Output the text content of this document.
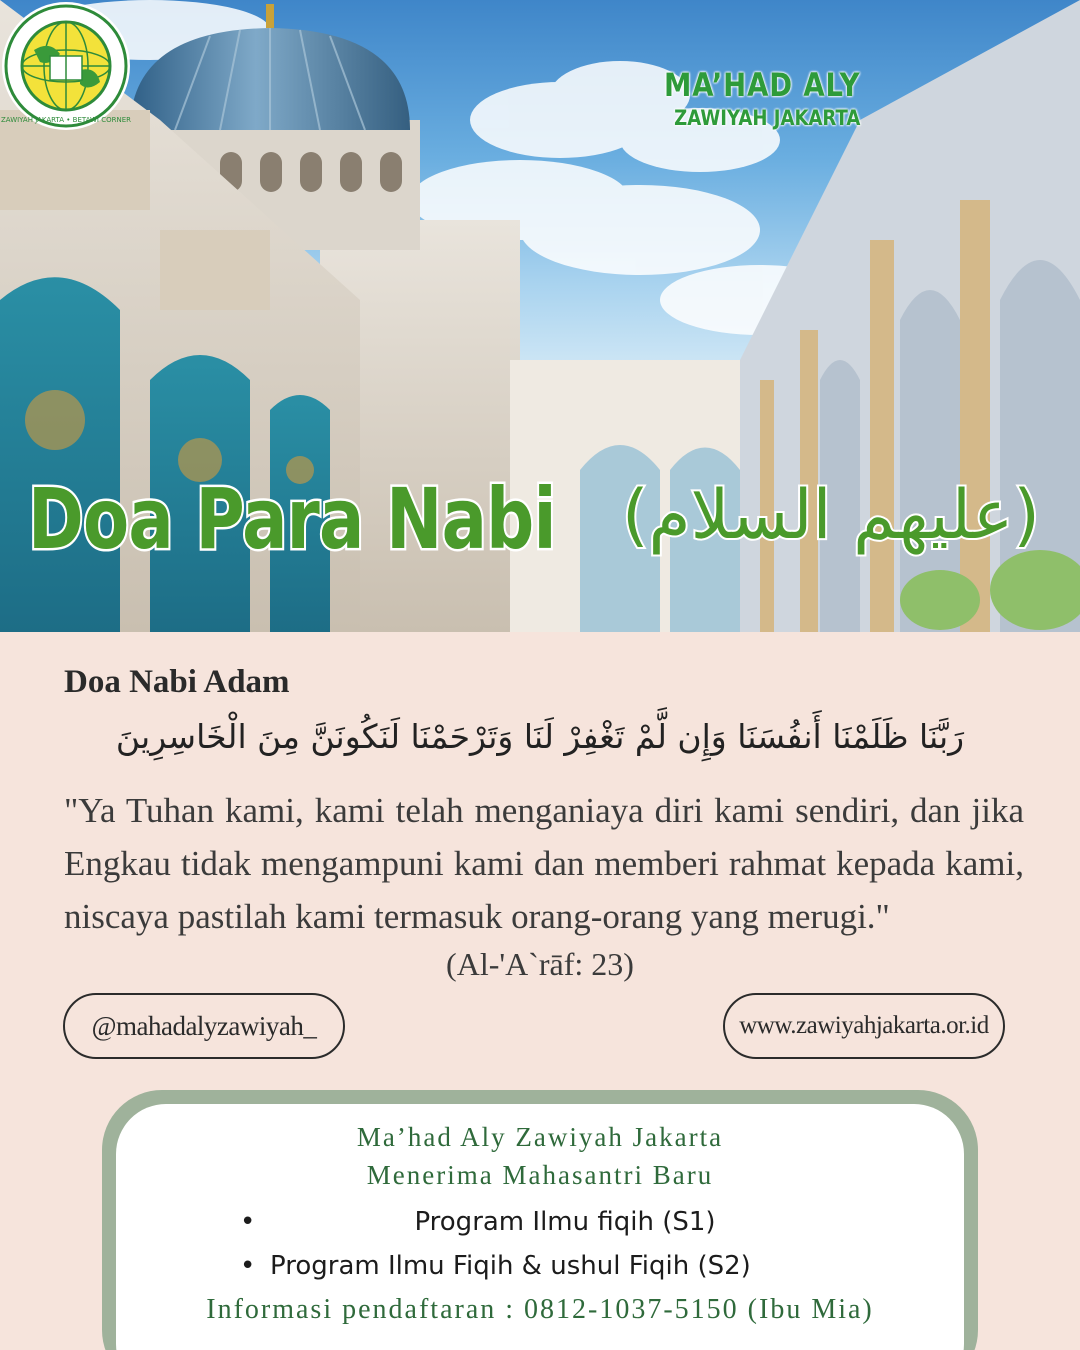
MA’HAD ALY
ZAWIYAH JAKARTA
ZAWIYAH JAKARTA • BETAWI CORNER
Doa Para Nabi (عليهم السلام)
Doa Nabi Adam
رَبَّنَا ظَلَمْنَا أَنفُسَنَا وَإِن لَّمْ تَغْفِرْ لَنَا وَتَرْحَمْنَا لَنَكُونَنَّ مِنَ الْخَاسِرِينَ
"Ya Tuhan kami, kami telah menganiaya diri kami sendiri, dan jika Engkau tidak mengampuni kami dan memberi rahmat kepada kami, niscaya pastilah kami termasuk orang-orang yang merugi."
(Al-'A`rāf: 23)
@mahadalyzawiyah_	www.zawiyahjakarta.or.id
Ma’had Aly Zawiyah Jakarta
Menerima Mahasantri Baru
• Program Ilmu fiqih (S1)
• Program Ilmu Fiqih & ushul Fiqih (S2)
Informasi pendaftaran : 0812-1037-5150 (Ibu Mia)
